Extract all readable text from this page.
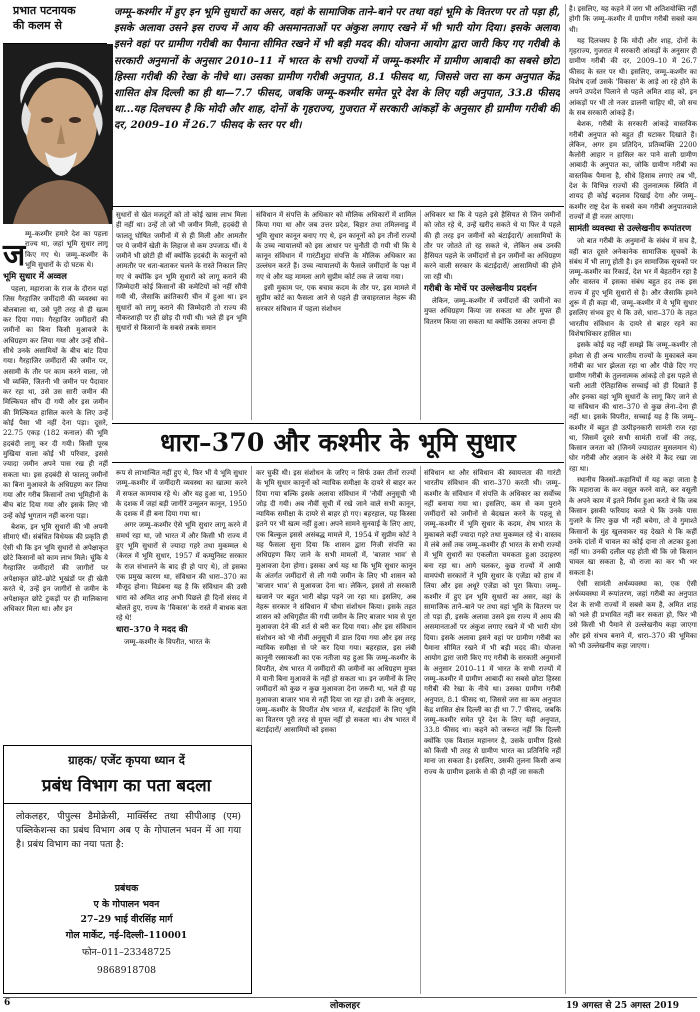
प्रभात पटनायक
की कलम से
जम्मू–कश्मीर में हुए इन भूमि सुधारों का असर, वहां के सामाजिक ताने–बाने पर तथा वहां भूमि के वितरण पर तो पड़ा ही, इसके अलावा उसने इस राज्य में आय की असमानताओं पर अंकुश लगाए रखने में भी भारी योग दिया। इसके अलावा इसने वहां पर ग्रामीण गरीबी का पैमाना सीमित रखने में भी बड़ी मदद की। योजना आयोग द्वारा जारी किए गए गरीबी के सरकारी अनुमानों के अनुसार 2010–11 में भारत के सभी राज्यों में जम्मू–कश्मीर में ग्रामीण आबादी का सबसे छोटा हिस्सा गरीबी की रेखा के नीचे था। उसका ग्रामीण गरीबी अनुपात, 8.1 फीसद था, जिससे जरा सा कम अनुपात केंद्र शासित क्षेत्र दिल्ली का ही था—7.7 फीसद, जबकि जम्मू–कश्मीर समेत पूरे देश के लिए यही अनुपात, 33.8 फीसद था...यह दिलचस्प है कि मोदी और शाह, दोनों के गृहराज्य, गुजरात में सरकारी आंकड़ों के अनुसार ही ग्रामीण गरीबी की दर, 2009–10 में 26.7 फीसद के स्तर पर थी।
ज
म्मू–कश्मीर हमारे देश का पहला राज्य था, जहां भूमि सुधार लागू किए गए थे। जम्मू–कश्मीर के भूमि सुधारों के दो घटक थे।
भूमि सुधार में अव्वल

पहला, महाराजा के राज के दौरान यहां जिस गैरहाजिर जमींदारी की व्यवस्था का बोलबाला था, उसे पूरी तरह से ही खत्म कर दिया गया। गैरहाजिर जमींदारों की जमीनों का बिना किसी मुआवजे के अधिग्रहण कर लिया गया और उन्हें सीधे–सीधे उनके असामियों के बीच बांट दिया गया। गैरहाजिर जमींदारों की जमीन पर, असामी के तौर पर काम करने वाला, जो भी व्यक्ति, जितनी भी जमीन पर पैदावार कर रहा था, उसे उस सारी जमीन की मिल्कियत सौंप दी गयी और इस जमीन की मिल्कियत हासिल करने के लिए उन्हें कोई पैसा भी नहीं देना पड़ा। दूसरे, 22.75 एकड़ (182 कनाल) की भूमि हदबंदी लागू कर दी गयी। किसी पूरब मुखिया वाला कोई भी परिवार, इससे ज्यादा जमीन अपने पास रख ही नहीं सकता था। इस हदबंदी से फालतू जमीनों का बिना मुआवजे के अधिग्रहण कर लिया गया और गरीब किसानों तथा भूमिहीनों के बीच बांट दिया गया और इसके लिए भी उन्हें कोई भुगतान नहीं करना पड़ा।

बेशक, इन भूमि सुधारों की भी अपनी सीमाएं थीं। संबंधित विधेयक की प्रकृति ही ऐसी थी कि इन भूमि सुधारों से अपेक्षाकृत छोटे किसानों को काम लाभ मिले। चूंकि ये गैरहाजिर जमींदारों की जागीरों पर अपेक्षाकृत छोटे–छोटे भूखंडों पर ही खेती करते थे, उन्हें इन जागीरों से जमीन के अपेक्षाकृत छोटे टुकड़ों पर ही मालिकाना अधिकार मिला था। और इन

सुधारों से खेत मजदूरों को तो कोई खास लाभ मिला ही नहीं था। उन्हें तो जो भी जमीन मिली, हदबंदी से फालतू घोषित जमीनों में से ही मिली और आमतौर पर ये जमीनें खेती के लिहाज से कम उपजाऊ थीं। ये जमीनें भी छोटी ही थीं क्योंकि हदबंदी के कानूनों को आमतौर पर धता-बताकर चलने के रास्ते निकाल लिए गए थे क्योंकि इन भूमि सुधारों को लागू कराने की जिम्मेदारी कोई किसानों की कमेटियों को नहीं सौंपी गयी थी, जैसाकि क्रांतिकारी चीन में हुआ था। इन सुधारों को लागू कराने की जिम्मेदारी तो राज्य की नौकरशाही पर ही छोड़ दी गयी थी। भले ही इन भूमि सुधारों से किसानों के सबसे तबके समान

संविधान में संपत्ति के अधिकार को मौलिक अधिकारों में शामिल किया गया था और जब उत्तर प्रदेश, बिहार तथा तमिलनाडु में भूमि सुधार कानून बनाए गए थे, इन कानूनों को इन तीनों राज्यों के उच्च न्यायालयों को इस आधार पर चुनौती दी गयी थी कि ये कानून संविधान में गारंटीशुदा संपत्ति के मौलिक अधिकार का उल्लंघन करते हैं। उच्च न्यायालयों के फैसले जमींदारों के पक्ष में गए थे और यह मामला आगे सुप्रीम कोर्ट तक ले जाया गया।

इसी मुकाम पर, एक बचाव कदम के तौर पर, इस मामले में सुप्रीम कोर्ट का फैसला आने से पहले ही जवाहरलाल नेहरू की सरकार संविधान में पहला संशोधन

अधिकार था कि वे पहले इसे हैसियत से जिन जमीनों को जोत रहे थे, उन्हें खरीद सकते थे या फिर वे पहले की ही तरह इन जमीनों को बंटाईदारों/ आसामियों के तौर पर जोतते तो रह सकते थे, लेकिन अब उनकी हैसियत पहले के जमींदारों से इन जमीनों का अधिग्रहण करने वाली सरकार के बंटाईदारों/ आसामियों की होने जा रही थी।

गरीबी के मोर्चे पर उल्लेखनीय प्रदर्शन

लेकिन, जम्मू–कश्मीर में जमींदारों की जमीनों का मुफ्त अधिग्रहण किया जा सकता था और मुफ्त ही वितरण किया जा सकता था क्योंकि उसका अपना ही

है। इसलिए, यह कहने में जरा भी अतिशयोक्ति नहीं होगी कि जम्मू–कश्मीर में ग्रामीण गरीबी सबसे कम थी।

यह दिलचस्प है कि मोदी और शाह, दोनों के गृहराज्य, गुजरात में सरकारी आंकड़ों के अनुसार ही ग्रामीण गरीबी की दर, 2009–10 में 26.7 फीसद के स्तर पर थी। इसलिए, जम्मू–कश्मीर का विशेष दर्जा उसके 'विकास' के आड़े आ रहे होने के अपने उपदेश पिलाने से पहले अमित शाह को, इन आंकड़ों पर भी तो नजर डालनी चाहिए थी, जो सच के सब सरकारी आंकड़े हैं।

बेशक, गरीबी के सरकारी आंकड़े वास्तविक गरीबी अनुपात को बहुत ही घटाकर दिखाते हैं। लेकिन, अगर हम प्रतिदिन, प्रतिव्यक्ति 2200 कैलोरी आहार न हासिल कर पाने वाली ग्रामीण आबादी के अनुपात का, जोकि ग्रामीण गरीबी का वास्तविक पैमाना है, सीधे हिसाब लगाएं तब भी, देश के विभिन्न राज्यों की तुलनात्मक स्थिति में शायद ही कोई बदलाव दिखाई देगा और जम्मू–कश्मीर राष्ट्र देश के सबसे कम गरीबी अनुपातवाले राज्यों में ही नजर आएगा।

सामंती व्यवस्था से उल्लेखनीय रूपांतरण

जो बात गरीबी के अनुमानों के संबंध में सच है, वही बात दूसरे अनेकानेक सामाजिक सूचकों के संबंध में भी लागू होती है। इन सामाजिक सूचकों पर जम्मू–कश्मीर का रिकार्ड, देश भर में बेहतरीन रहा है और वास्तव में इसका संबंध बहुत हद तक इस राज्य में हुए भूमि सुधारों से है। और जैसाकि हमने शुरू में ही कहा थी, जम्मू–कश्मीर में ये भूमि सुधार इसलिए संभव हुए थे कि उसे, धारा–370 के तहत भारतीय संविधान के दायरे से बाहर रहने का विशेषाधिकार हासिल था।

इसके कोई यह नहीं समझे कि जम्मू–कश्मीर तो हमेशा से ही अन्य भारतीय राज्यों के मुकाबले कम गरीबी का भार झेलता रहा था और पीछे दिए गए ग्रामीण गरीबी के तुलनात्मक आंकड़े तो इस पहले से चली आती ऐतिहासिक सच्चाई को ही दिखाते हैं और इनका वहां भूमि सुधारों के लागू किए जाने से या संविधान की धारा–370 से कुछ लेना–देना ही नहीं था। इसके विपरीत, सच्चाई यह है कि जम्मू–कश्मीर में बहुत ही उत्पीड़नकारी सामंती राज रहा था, जिसमें दूसरे सभी सामंती राजों की तरह, किसान जनता को (जिनमें ज्यादातर मुसलमान थे) घोर गरीबी और अज्ञान के अंधेरे में कैद रखा जा रहा था।

स्थानीय किस्सों–कहानियों में यह कहा जाता है कि महाराजा के कर वसूल करने वाले, कर वसूली के अपने काम में इतने निर्मम हुआ करते थे कि जब किसान इसकी फरियाद करते थे कि उनके पास गुजारे के लिए कुछ भी नहीं बचेगा, तो वे गुमाश्ते किसानों के मुंह खुलवाकर यह देखते थे कि कहीं उनके दांतों में चावल का कोई दाना तो अटका हुआ नहीं था। उनकी दलील यह होती थी कि जो किसान चावल खा सकता है, वो राजा का कर भी भर सकता है।

ऐसी सामंती अर्थव्यवस्था का, एक ऐसी अर्थव्यवस्था में रूपांतरण, जहां गरीबी का अनुपात देश के सभी राज्यों में सबसे कम है, अमित शाह को भले ही प्रभावित नहीं कर सकता हो, फिर भी उसे किसी भी पैमाने से उल्लेखनीय कहा जाएगा और इसे संभव बनाने में, धारा–370 की भूमिका को भी उल्लेखनीय कहा जाएगा।

धारा–370 और कश्मीर के भूमि सुधार

रूप से लाभान्वित नहीं हुए थे, फिर भी ये भूमि सुधार जम्मू–कश्मीर में जमींदारी व्यवस्था का खात्मा करने में सफल कामयाब रहे थे। और यह हुआ था, 1950 के दशक में जहां बड़ी जागीरें उन्मूलन कानून, 1950 के दशक में ही बना दिया गया था।

अगर जम्मू–कश्मीर ऐसे भूमि सुधार लागू करने में समर्थ रहा था, जो भारत में और किसी भी राज्य में हुए भूमि सुधारों से ज्यादा गहरे तथा मुकम्मल थे (केरल में भूमि सुधार, 1957 में कम्युनिस्ट सरकार के राज संभालने के बाद ही हो पाए थे), तो इसका एक प्रमुख कारण था, संविधान की धारा–370 का मौजूद होना। विडंबना यह है कि संविधान की उसी धारा को अमित शाह अभी पिछले ही दिनों संसद में बोलते हुए, राज्य के 'विकास' के रास्ते में बाधक बता रहे थे!

धारा–370 ने मदद की

जम्मू–कश्मीर के विपरीत, भारत के

कर चुकी थी। इस संशोधन के जरिए न सिर्फ उक्त तीनों राज्यों के भूमि सुधार कानूनों को न्यायिक समीक्षा के दायरे से बाहर कर दिया गया बल्कि इसके अलावा संविधान में 'नौवीं अनुसूची भी जोड़ दी गयी। अब नौवीं सूची में रखे जाने वाले सभी कानून, न्यायिक समीक्षा के दायरे से बाहर हो गए। बहरहाल, यह किस्सा इतने पर भी खत्म नहीं हुआ। अपने सामने सुनवाई के लिए आए, एक बिल्कुल इससे असंबद्ध मामले में, 1954 में सुप्रीम कोर्ट ने यह फैसला सुना दिया कि शासन द्वारा निजी संपत्ति का अधिग्रहण किए जाने के सभी मामलों में, 'बाजार भाव' से मुआवजा देना होगा। इसका अर्थ यह था कि भूमि सुधार कानून के अंतर्गत जमींदारों से ली गयी जमीन के लिए भी शासन को 'बाजार भाव' से मुआवजा देना था। लेकिन, इससे तो सरकारी खजाने पर बहुत भारी बोझ पड़ने जा रहा था। इसलिए, अब नेहरू सरकार ने संविधान में चौथा संशोधन किया। इसके तहत शासन को अधिगृहीत की गयी जमीन के लिए बाजार भाव से पूरा मुआवजा देने की शर्त से बरी कर दिया गया। और इस संविधान संशोधन को भी नौवीं अनुसूची में डाल दिया गया और इस तरह न्यायिक समीक्षा से परे कर दिया गया। बहरहाल, इस लंबी कानूनी रस्साकशी का एक नतीजा यह हुआ कि जम्मू–कश्मीर के विपरीत, शेष भारत में जमींदारों की जमीनों का अधिग्रहण मुफ्त में यानी बिना मुआवजे के नहीं हो सकता था। इन जमीनों के लिए जमींदारों को कुछ न कुछ मुआवजा देना जरूरी था, भले ही यह मुआवजा बाजार भाव से नहीं दिया जा रहा हो। उसी के अनुसार, जम्मू–कश्मीर के विपरीत शेष भारत में, बंटाईदारों के लिए भूमि का वितरण पूरी तरह से मुफ्त नहीं हो सकता था। शेष भारत में बंटाईदारों/ आसामियों को इसका

संविधान था और संविधान की स्वायत्तता की गारंटी भारतीय संविधान की धारा–370 करती थी। जम्मू–कश्मीर के संविधान में संपत्ति के अधिकार का सर्वोच्च नहीं बनाया गया था। इसलिए, कम से कम पुराने जमींदारों को जमीनों से बेदखल करने के पहलू से जम्मू–कश्मीर में भूमि सुधार के कदम, शेष भारत के मुकाबले कहीं ज्यादा गहरे तथा मुकम्मल रहे थे। वास्तव में लंबे अर्से तक जम्मू–कश्मीर ही भारत के सभी राज्यों में भूमि सुधारों का एकलौता चमकता हुआ उदाहरण बना रहा था। आगे चलकर, कुछ राज्यों में आयी वामपंथी सरकारों ने भूमि सुधार के एजेंडा को हाथ में लिया और इस अधूरे एजेंडा को पूरा किया। जम्मू–कश्मीर में हुए इन भूमि सुधारों का असर, वहां के सामाजिक ताने–बाने पर तथा वहां भूमि के वितरण पर तो पड़ा ही, इसके अलावा उसने इस राज्य में आय की असमानताओं पर अंकुश लगाए रखने में भी भारी योग दिया। इसके अलावा इसने वहां पर ग्रामीण गरीबी का पैमाना सीमित रखने में भी बड़ी मदद की। योजना आयोग द्वारा जारी किए गए गरीबी के सरकारी अनुमानों के अनुसार 2010–11 में भारत के सभी राज्यों में जम्मू–कश्मीर में ग्रामीण आबादी का सबसे छोटा हिस्सा गरीबी की रेखा के नीचे था। उसका ग्रामीण गरीबी अनुपात, 8.1 फीसद था, जिससे जरा सा कम अनुपात केंद्र शासित क्षेत्र दिल्ली का ही था 7.7 फीसद, जबकि जम्मू–कश्मीर समेत पूरे देश के लिए यही अनुपात, 33.8 फीसद था। कहने को जरूरत नहीं कि दिल्ली क्योंकि एक विशाल महानगर है, उसके ग्रामीण हिस्से को किसी भी तरह से ग्रामीण भारत का प्रतिनिधि नहीं माना जा सकता है। इसलिए, उसकी तुलना किसी अन्य राज्य के ग्रामीण इलाके से की ही नहीं जा सकती

ग्राहक/ एजेंट कृपया ध्यान दें
प्रबंध विभाग का पता बदला
लोकलहर, पीपुल्स डैमोक्रेसी, मार्क्सिस्ट तथा सीपीआइ (एम) पब्लिकेशन्स का प्रबंध विभाग अब ए के गोपालन भवन में आ गया है। प्रबंध विभाग का नया पता है:
प्रबंधक
ए के गोपालन भवन
27–29 भाई वीरसिंह मार्ग
गोल मार्केट, नई–दिल्ली–110001
फोन–011–23348725
9868918708
6	लोकलहर	19 अगस्त से 25 अगस्त 2019
